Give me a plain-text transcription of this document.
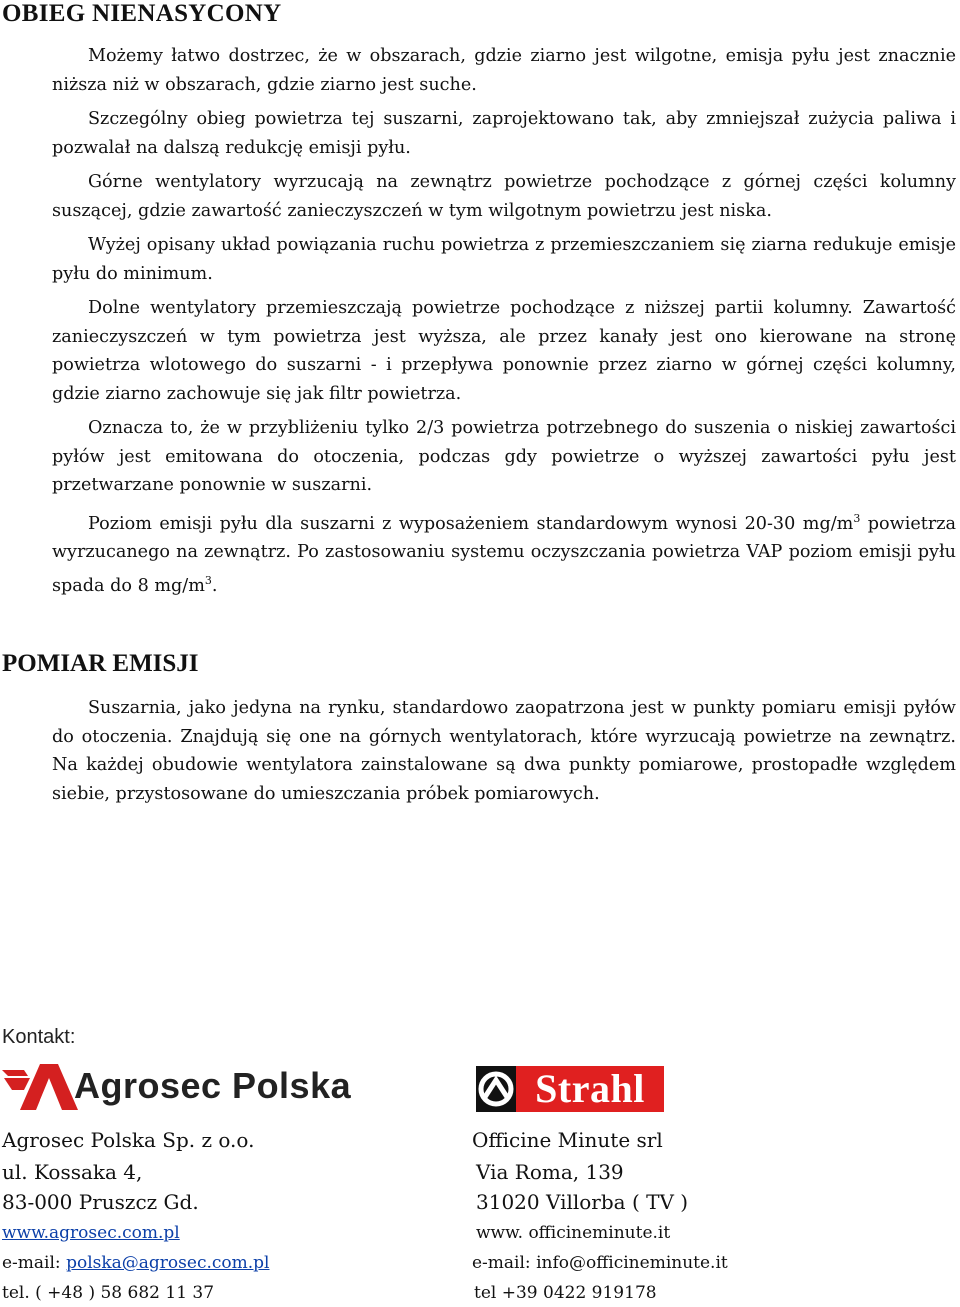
OBIEG NIENASYCONY

Możemy łatwo dostrzec, że w obszarach, gdzie ziarno jest wilgotne, emisja pyłu jest znacznie niższa niż w obszarach, gdzie ziarno jest suche.

Szczególny obieg powietrza tej suszarni, zaprojektowano tak, aby zmniejszał zużycia paliwa i pozwalał na dalszą redukcję emisji pyłu.

Górne wentylatory wyrzucają na zewnątrz powietrze pochodzące z górnej części kolumny suszącej, gdzie zawartość zanieczyszczeń w tym wilgotnym powietrzu jest niska.

Wyżej opisany układ powiązania ruchu powietrza z przemieszczaniem się ziarna redukuje emisje pyłu do minimum.

Dolne wentylatory przemieszczają powietrze pochodzące z niższej partii kolumny. Zawartość zanieczyszczeń w tym powietrza jest wyższa, ale przez kanały jest ono kierowane na stronę powietrza wlotowego do suszarni - i przepływa ponownie przez ziarno w górnej części kolumny, gdzie ziarno zachowuje się jak filtr powietrza.

Oznacza to, że w przybliżeniu tylko 2/3 powietrza potrzebnego do suszenia o niskiej zawartości pyłów jest emitowana do otoczenia, podczas gdy powietrze o wyższej zawartości pyłu jest przetwarzane ponownie w suszarni.

Poziom emisji pyłu dla suszarni z wyposażeniem standardowym wynosi 20-30 $mg/m^3$ powietrza wyrzucanego na zewnątrz. Po zastosowaniu systemu oczyszczania powietrza VAP poziom emisji pyłu spada do 8 $mg/m^3$.

POMIAR EMISJI

Suszarnia, jako jedyna na rynku, standardowo zaopatrzona jest w punkty pomiaru emisji pyłów do otoczenia. Znajdują się one na górnych wentylatorach, które wyrzucają powietrze na zewnątrz. Na każdej obudowie wentylatora zainstalowane są dwa punkty pomiarowe, prostopadłe względem siebie, przystosowane do umieszczania próbek pomiarowych.

Kontakt:
Agrosec Polska	Strahl
Agrosec Polska Sp. z o.o.
ul. Kossaka 4,
83-000 Pruszcz Gd.
www.agrosec.com.pl
e-mail: polska@agrosec.com.pl
tel. ( +48 ) 58 682 11 37
Officine Minute srl
Via Roma, 139
31020 Villorba ( TV )
www. officineminute.it
e-mail: info@officineminute.it
tel +39 0422 919178
